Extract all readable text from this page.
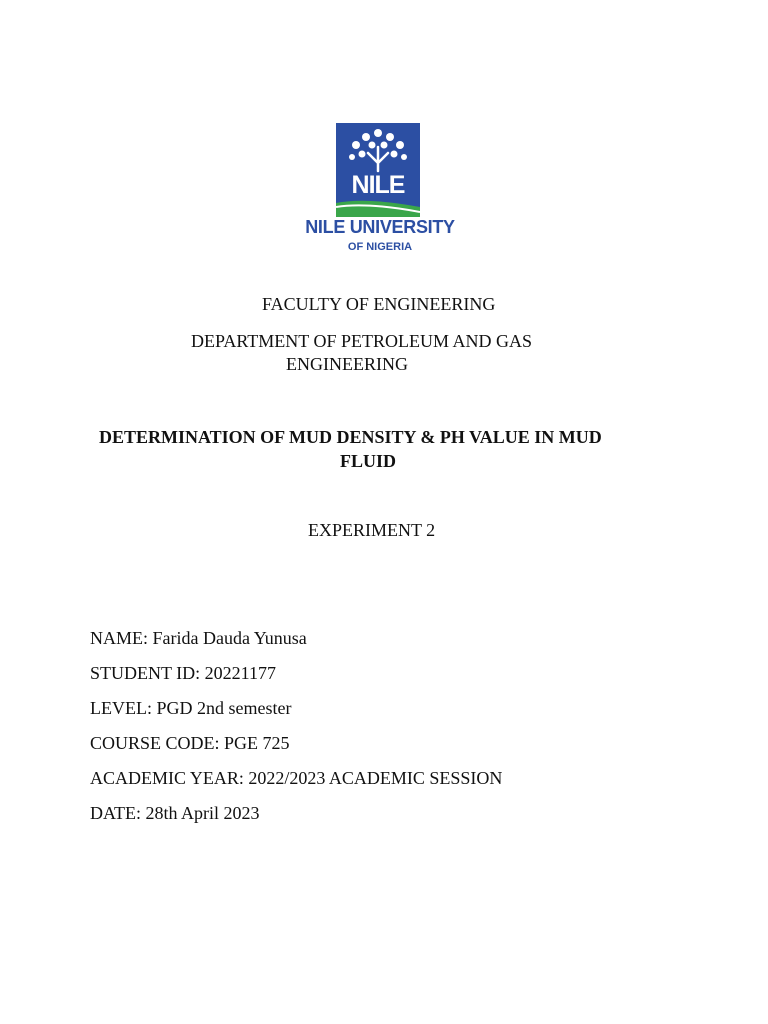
NILE
NILE UNIVERSITY
OF NIGERIA
FACULTY OF ENGINEERING
DEPARTMENT OF PETROLEUM AND GAS
ENGINEERING
DETERMINATION OF MUD DENSITY & PH VALUE IN MUD
FLUID
EXPERIMENT 2
NAME: Farida Dauda Yunusa
STUDENT ID: 20221177
LEVEL: PGD 2nd semester
COURSE CODE: PGE 725
ACADEMIC YEAR: 2022/2023 ACADEMIC SESSION
DATE: 28th April 2023
